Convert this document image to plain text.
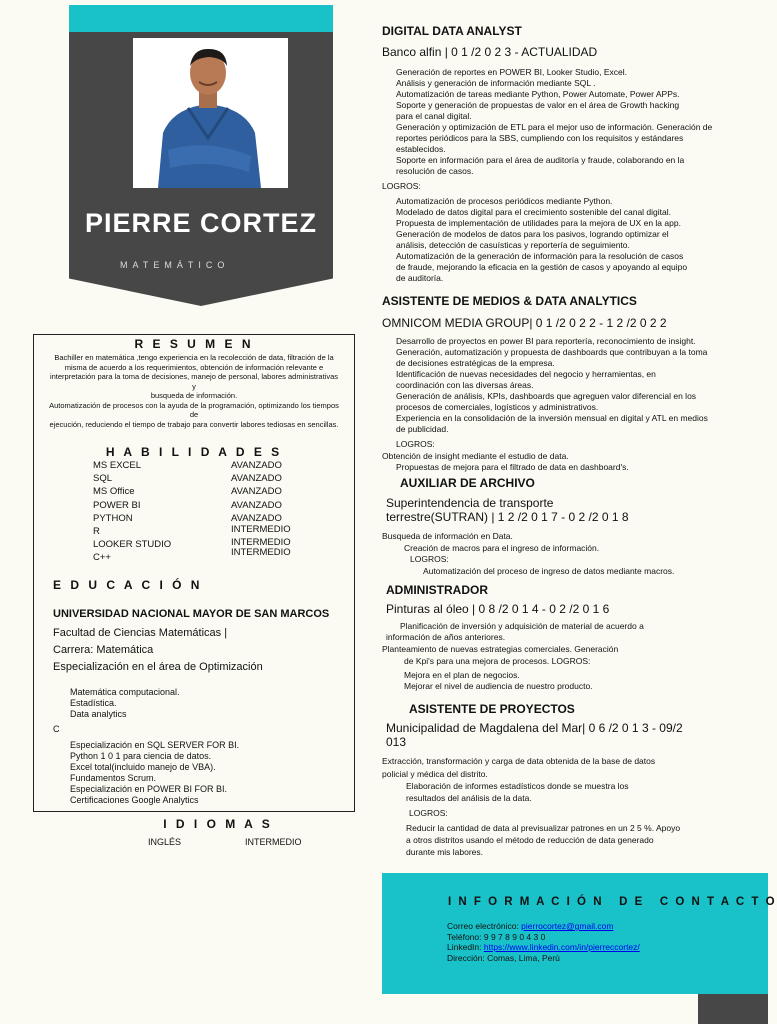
PIERRE CORTEZ
MATEMÁTICO
R E S U M E N
Bachiller en matemática ,tengo experiencia en la recolección de data, filtración de la
misma de acuerdo a los requerimientos, obtención de información relevante e
interpretación para la toma de decisiones, manejo de personal, labores administrativas
y
busqueda de información.
Automatización de procesos con la ayuda de la programación, optimizando los tiempos
de
ejecución, reduciendo el tiempo de trabajo para convertir labores tediosas en sencillas.
H A B I L I D A D E S
MS EXCEL	AVANZADO
SQL	AVANZADO
MS Office	AVANZADO
POWER BI	AVANZADO
PYTHON	AVANZADO
R	INTERMEDIO
LOOKER STUDIO	INTERMEDIO
C++	INTERMEDIO
E D U C A C I Ó N
UNIVERSIDAD NACIONAL MAYOR DE SAN MARCOS
Facultad de Ciencias Matemáticas |
Carrera: Matemática
Especialización en el área de Optimización
Matemática computacional.
Estadística.
Data analytics
C
Especialización en SQL SERVER FOR BI.
Python 1 0 1 para ciencia de datos.
Excel total(incluido manejo de VBA).
Fundamentos Scrum.
Especialización en POWER BI FOR BI.
Certificaciones Google Analytics
I D I O M A S
INGLÉS	INTERMEDIO
DIGITAL DATA ANALYST
Banco alfin | 0 1 /2 0 2 3 - ACTUALIDAD
Generación de reportes en POWER BI, Looker Studio, Excel.
Análisis y generación de información mediante SQL .
Automatización de tareas mediante Python, Power Automate, Power APPs.
Soporte y generación de propuestas de valor en el área de Growth hacking
para el canal digital.
Generación y optimización de ETL para el mejor uso de información. Generación de
reportes periódicos para la SBS, cumpliendo con los requisitos y estándares
establecidos.
Soporte en información para el área de auditoría y fraude, colaborando en la
resolución de casos.
LOGROS:
Automatización de procesos periódicos mediante Python.
Modelado de datos digital para el crecimiento sostenible del canal digital.
Propuesta de implementación de utilidades para la mejora de UX en la app.
Generación de modelos de datos para los pasivos, logrando optimizar el
análisis, detección de casuísticas y reportería de seguimiento.
Automatización de la generación de información para la resolución de casos
de fraude, mejorando la eficacia en la gestión de casos y apoyando al equipo
de auditoría.
ASISTENTE DE MEDIOS & DATA ANALYTICS
OMNICOM MEDIA GROUP| 0 1 /2 0 2 2 - 1 2 /2 0 2 2
Desarrollo de proyectos en power BI para reportería, reconocimiento de insight.
Generación, automatización y propuesta de dashboards que contribuyan a la toma
de decisiones estratégicas de la empresa.
Identificación de nuevas necesidades del negocio y herramientas, en
coordinación con las diversas áreas.
Generación de análisis, KPIs, dashboards que agreguen valor diferencial en los
procesos de comerciales, logísticos y administrativos.
Experiencia en la consolidación de la inversión mensual en digital y ATL en medios
de publicidad.
LOGROS:
Obtención de insight mediante el estudio de data.
Propuestas de mejora para el filtrado de data en dashboard's.
AUXILIAR DE ARCHIVO
Superintendencia de transporte
terrestre(SUTRAN) | 1 2 /2 0 1 7 - 0 2 /2 0 1 8
Busqueda de información en Data.
Creación de macros para el ingreso de información.
LOGROS:
Automatización del proceso de ingreso de datos mediante macros.
ADMINISTRADOR
Pinturas al óleo | 0 8 /2 0 1 4 - 0 2 /2 0 1 6
Planificación de inversión y adquisición de material de acuerdo a
información de años anteriores.
Planteamiento de nuevas estrategias comerciales. Generación
de Kpi's para una mejora de procesos. LOGROS:
Mejora en el plan de negocios.
Mejorar el nivel de audiencia de nuestro producto.
ASISTENTE DE PROYECTOS
Municipalidad de Magdalena del Mar| 0 6 /2 0 1 3 - 09/2
013
Extracción, transformación y carga de data obtenida de la base de datos
policial y médica del distrito.
Elaboración de informes estadísticos donde se muestra los
resultados del análisis de la data.
LOGROS:
Reducir la cantidad de data al previsualizar patrones en un 2 5 %. Apoyo
a otros distritos usando el método de reducción de data generado
durante mis labores.
I N F O R M A C I Ó N   D E   C O N T A C T O
Correo electrónico: pierrocortez@gmail.com
Teléfono: 9 9 7 8 9 0 4 3 0
LinkedIn: https://www.linkedin.com/in/pierreccortez/
Dirección: Comas, Lima, Perú
